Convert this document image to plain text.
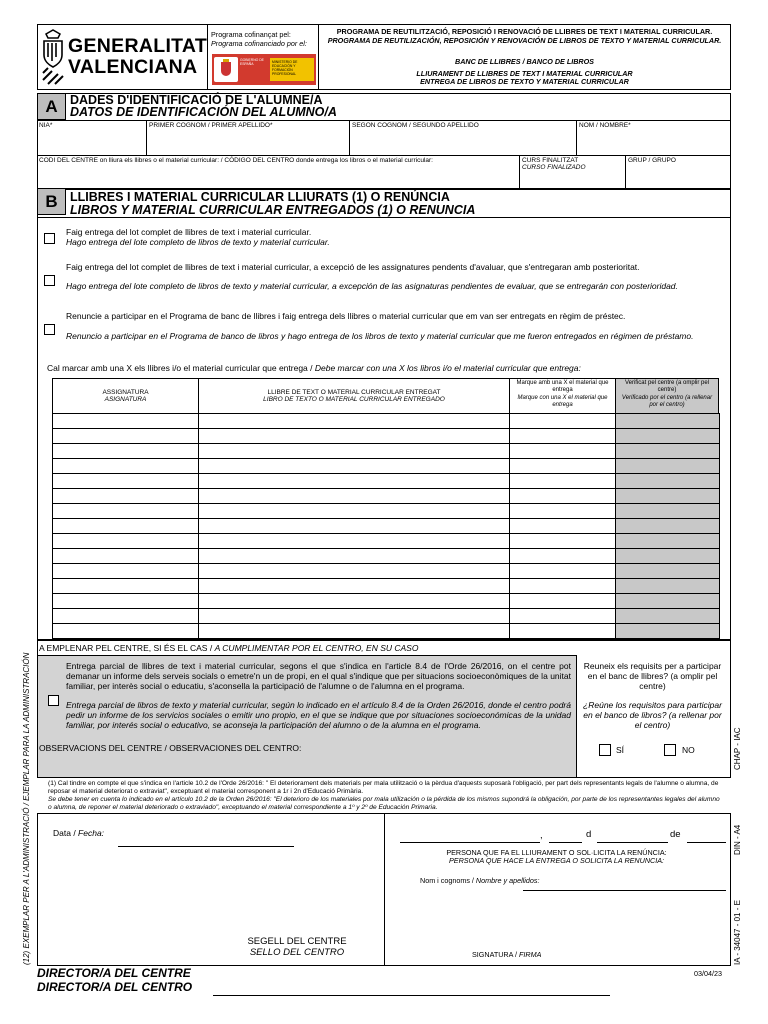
GENERALITAT
VALENCIANA
Programa cofinançat pel:
Programa cofinanciado por el:
GOBIERNO DE ESPAÑA	MINISTERIO DE EDUCACIÓN Y FORMACIÓN PROFESIONAL
PROGRAMA DE REUTILITZACIÓ, REPOSICIÓ I RENOVACIÓ DE LLIBRES DE TEXT I MATERIAL CURRICULAR.
PROGRAMA DE REUTILIZACIÓN, REPOSICIÓN Y RENOVACIÓN DE LIBROS DE TEXTO Y MATERIAL CURRICULAR.
BANC DE LLIBRES / BANCO DE LIBROS
LLIURAMENT DE LLIBRES DE TEXT I MATERIAL CURRICULAR
ENTREGA DE LIBROS DE TEXTO Y MATERIAL CURRICULAR
A DADES D'IDENTIFICACIÓ DE L'ALUMNE/A
DATOS DE IDENTIFICACIÓN DEL ALUMNO/A
NIA*	PRIMER COGNOM / PRIMER APELLIDO*	SEGON COGNOM / SEGUNDO APELLIDO	NOM / NOMBRE*
CODI DEL CENTRE on lliura els llibres o el material curricular: / CÓDIGO DEL CENTRO donde entrega los libros o el material curricular:	CURS FINALITZAT
CURSO FINALIZADO
GRUP / GRUPO
B LLIBRES I MATERIAL CURRICULAR LLIURATS (1) O RENÚNCIA
LIBROS Y MATERIAL CURRICULAR ENTREGADOS (1) O RENUNCIA
Faig entrega del lot complet de llibres de text i material curricular.
Hago entrega del lote completo de libros de texto y material curricular.
Faig entrega del lot complet de llibres de text i material curricular, a excepció de les assignatures pendents d'avaluar, que s'entregaran amb posterioritat.
Hago entrega del lote completo de libros de texto y material curricular, a excepción de las asignaturas pendientes de evaluar, que se entregarán con posterioridad.
Renuncie a participar en el Programa de banc de llibres i faig entrega dels llibres o material curricular que em van ser entregats en règim de préstec.
Renuncio a participar en el Programa de banco de libros y hago entrega de los libros de texto y material curricular que me fueron entregados en régimen de préstamo.
Cal marcar amb una X els llibres i/o el material curricular que entrega / Debe marcar con una X los libros i/o el material curricular que entrega:
ASSIGNATURA
ASIGNATURA
LLIBRE DE TEXT O MATERIAL CURRICULAR ENTREGAT
LIBRO DE TEXTO O MATERIAL CURRICULAR ENTREGADO
Marque amb una X el material que entrega
Marque con una X el material que entrega
Verificat pel centre (a omplir pel centre)
Verificado por el centro (a rellenar por el centro)

A EMPLENAR PEL CENTRE, SI ÉS EL CAS / A CUMPLIMENTAR POR EL CENTRO, EN SU CASO
Entrega parcial de llibres de text i material curricular, segons el que s'indica en l'article 8.4 de l'Orde 26/2016, on el centre pot demanar un informe dels serveis socials o emetre'n un de propi, en el qual s'indique que per situacions socioeconòmiques de la unitat familiar, per interès social o educatiu, s'aconsella la participació de l'alumne o de l'alumna en el programa.
Entrega parcial de libros de texto y material curricular, según lo indicado en el artículo 8.4 de la Orden 26/2016, donde el centro podrá pedir un informe de los servicios sociales o emitir uno propio, en el que se indique que por situaciones socioeconómicas de la unidad familiar, por interés social o educativo, se aconseja la participación del alumno o de la alumna en el programa.
OBSERVACIONS DEL CENTRE / OBSERVACIONES DEL CENTRO:
Reuneix els requisits per a participar en el banc de llibres? (a omplir pel centre)
¿Reúne los requisitos para participar en el banco de libros? (a rellenar por el centro)
SÍ	NO
(1) Cal tindre en compte el que s'indica en l'article 10.2 de l'Orde 26/2016: " El deteriorament dels materials per mala utilització o la pèrdua d'aquests suposarà l'obligació, per part dels representants legals de l'alumne o alumna, de reposar el material deteriorat o extraviat", exceptuant el material corresponent a 1r i 2n d'Educació Primària.
Se debe tener en cuenta lo indicado en el artículo 10.2 de la Orden 26/2016: "El deterioro de los materiales por mala utilización o la pérdida de los mismos supondrá la obligación, por parte de los representantes legales del alumno o alumna, de reponer el material deteriorado o extraviado", exceptuando el material correspondiente a 1º y 2º de Educación Primaria.
Data / Fecha:
SEGELL DEL CENTRE
SELLO DEL CENTRO
,	d	de
PERSONA QUE FA EL LLIURAMENT O SOL·LICITA LA RENÚNCIA:
PERSONA QUE HACE LA ENTREGA O SOLICITA LA RENUNCIA:
Nom i cognoms / Nombre y apellidos:
SIGNATURA / FIRMA
DIRECTOR/A DEL CENTRE
DIRECTOR/A DEL CENTRO
03/04/23
(12) EXEMPLAR PER A L'ADMINISTRACIÓ / EJEMPLAR PARA LA ADMINISTRACIÓN	CHAP - IAC
DIN - A4
IA - 34047 - 01 - E
